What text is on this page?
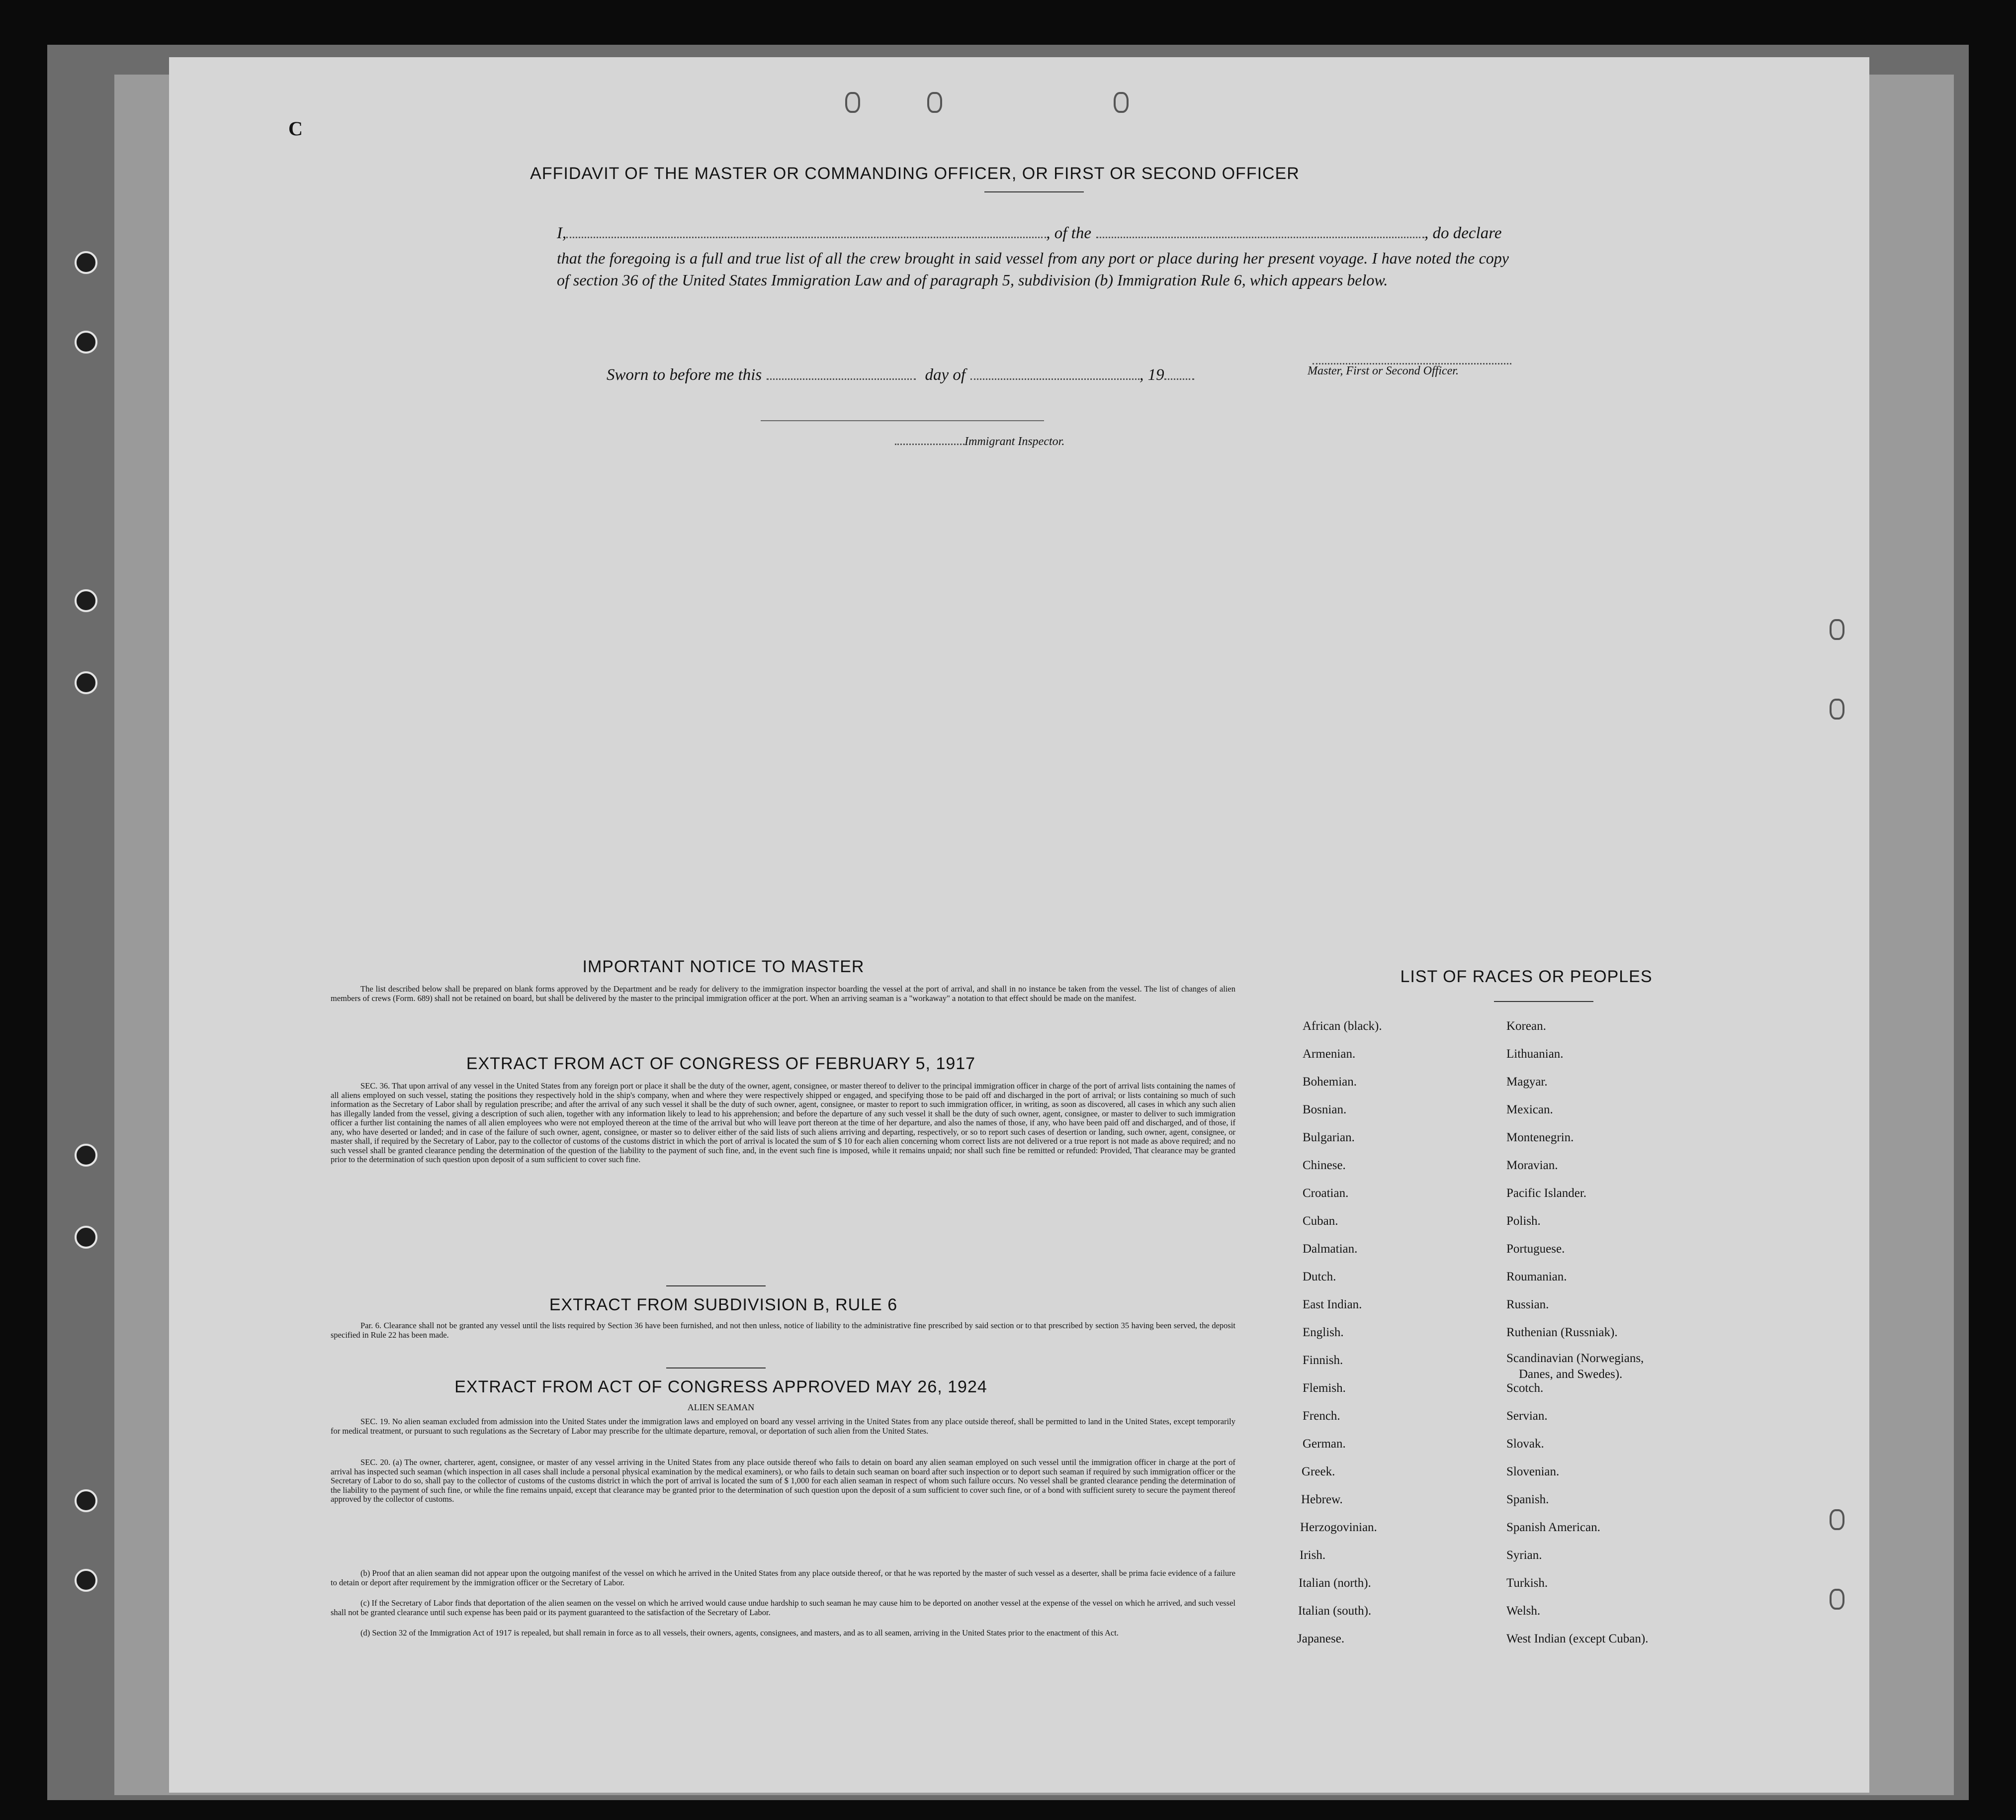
C
AFFIDAVIT OF THE MASTER OR COMMANDING OFFICER, OR FIRST OR SECOND OFFICER
I,	, of the	, do declare
that the foregoing is a full and true list of all the crew brought in said vessel from any port or place during her present voyage. I have noted the copy of section 36 of the United States Immigration Law and of paragraph 5, subdivision (b) Immigration Rule 6, which appears below.
Master, First or Second Officer.
Sworn to before me this	day of	, 19
Immigrant Inspector.
IMPORTANT NOTICE TO MASTER
The list described below shall be prepared on blank forms approved by the Department and be ready for delivery to the immigration inspector boarding the vessel at the port of arrival, and shall in no instance be taken from the vessel. The list of changes of alien members of crews (Form. 689) shall not be retained on board, but shall be delivered by the master to the principal immigration officer at the port. When an arriving seaman is a "workaway" a notation to that effect should be made on the manifest.
EXTRACT FROM ACT OF CONGRESS OF FEBRUARY 5, 1917
SEC. 36. That upon arrival of any vessel in the United States from any foreign port or place it shall be the duty of the owner, agent, consignee, or master thereof to deliver to the principal immigration officer in charge of the port of arrival lists containing the names of all aliens employed on such vessel, stating the positions they respectively hold in the ship's company, when and where they were respectively shipped or engaged, and specifying those to be paid off and discharged in the port of arrival; or lists containing so much of such information as the Secretary of Labor shall by regulation prescribe; and after the arrival of any such vessel it shall be the duty of such owner, agent, consignee, or master to report to such immigration officer, in writing, as soon as discovered, all cases in which any such alien has illegally landed from the vessel, giving a description of such alien, together with any information likely to lead to his apprehension; and before the departure of any such vessel it shall be the duty of such owner, agent, consignee, or master to deliver to such immigration officer a further list containing the names of all alien employees who were not employed thereon at the time of the arrival but who will leave port thereon at the time of her departure, and also the names of those, if any, who have been paid off and discharged, and of those, if any, who have deserted or landed; and in case of the failure of such owner, agent, consignee, or master so to deliver either of the said lists of such aliens arriving and departing, respectively, or so to report such cases of desertion or landing, such owner, agent, consignee, or master shall, if required by the Secretary of Labor, pay to the collector of customs of the customs district in which the port of arrival is located the sum of $ 10 for each alien concerning whom correct lists are not delivered or a true report is not made as above required; and no such vessel shall be granted clearance pending the determination of the question of the liability to the payment of such fine, and, in the event such fine is imposed, while it remains unpaid; nor shall such fine be remitted or refunded: Provided, That clearance may be granted prior to the determination of such question upon deposit of a sum sufficient to cover such fine.
EXTRACT FROM SUBDIVISION B, RULE 6
Par. 6. Clearance shall not be granted any vessel until the lists required by Section 36 have been furnished, and not then unless, notice of liability to the administrative fine prescribed by said section or to that prescribed by section 35 having been served, the deposit specified in Rule 22 has been made.
EXTRACT FROM ACT OF CONGRESS APPROVED MAY 26, 1924
ALIEN SEAMAN
SEC. 19. No alien seaman excluded from admission into the United States under the immigration laws and employed on board any vessel arriving in the United States from any place outside thereof, shall be permitted to land in the United States, except temporarily for medical treatment, or pursuant to such regulations as the Secretary of Labor may prescribe for the ultimate departure, removal, or deportation of such alien from the United States.
SEC. 20. (a) The owner, charterer, agent, consignee, or master of any vessel arriving in the United States from any place outside thereof who fails to detain on board any alien seaman employed on such vessel until the immigration officer in charge at the port of arrival has inspected such seaman (which inspection in all cases shall include a personal physical examination by the medical examiners), or who fails to detain such seaman on board after such inspection or to deport such seaman if required by such immigration officer or the Secretary of Labor to do so, shall pay to the collector of customs of the customs district in which the port of arrival is located the sum of $ 1,000 for each alien seaman in respect of whom such failure occurs. No vessel shall be granted clearance pending the determination of the liability to the payment of such fine, or while the fine remains unpaid, except that clearance may be granted prior to the determination of such question upon the deposit of a sum sufficient to cover such fine, or of a bond with sufficient surety to secure the payment thereof approved by the collector of customs.
(b) Proof that an alien seaman did not appear upon the outgoing manifest of the vessel on which he arrived in the United States from any place outside thereof, or that he was reported by the master of such vessel as a deserter, shall be prima facie evidence of a failure to detain or deport after requirement by the immigration officer or the Secretary of Labor.
(c) If the Secretary of Labor finds that deportation of the alien seamen on the vessel on which he arrived would cause undue hardship to such seaman he may cause him to be deported on another vessel at the expense of the vessel on which he arrived, and such vessel shall not be granted clearance until such expense has been paid or its payment guaranteed to the satisfaction of the Secretary of Labor.
(d) Section 32 of the Immigration Act of 1917 is repealed, but shall remain in force as to all vessels, their owners, agents, consignees, and masters, and as to all seamen, arriving in the United States prior to the enactment of this Act.
LIST OF RACES OR PEOPLES
African (black).
Armenian.
Bohemian.
Bosnian.
Bulgarian.
Chinese.
Croatian.
Cuban.
Dalmatian.
Dutch.
East Indian.
English.
Finnish.
Flemish.
French.
German.
Greek.
Hebrew.
Herzogovinian.
Irish.
Italian (north).
Italian (south).
Japanese.
Korean.
Lithuanian.
Magyar.
Mexican.
Montenegrin.
Moravian.
Pacific Islander.
Polish.
Portuguese.
Roumanian.
Russian.
Ruthenian (Russniak).
Scandinavian (Norwegians,
Danes, and Swedes).
Scotch.
Servian.
Slovak.
Slovenian.
Spanish.
Spanish American.
Syrian.
Turkish.
Welsh.
West Indian (except Cuban).
